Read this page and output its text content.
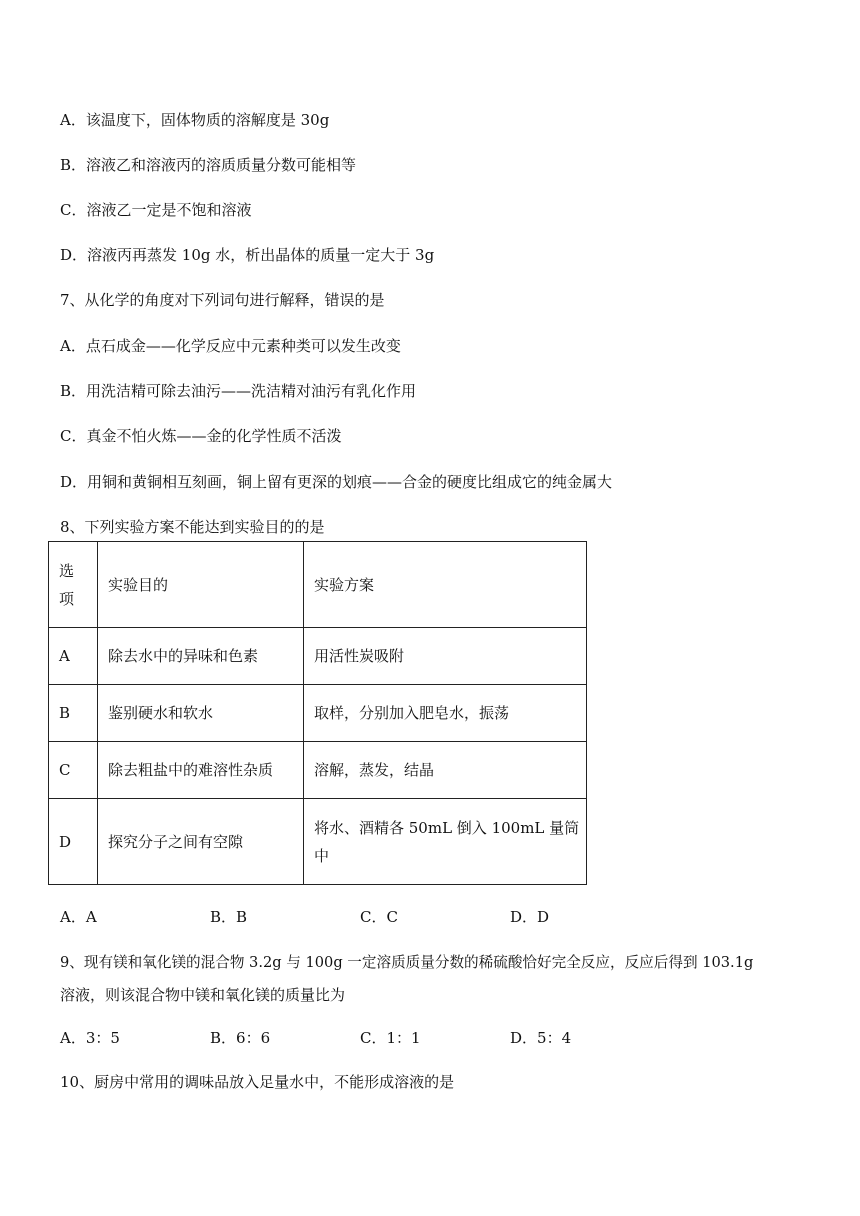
A．该温度下，固体物质的溶解度是 30g
B．溶液乙和溶液丙的溶质质量分数可能相等
C．溶液乙一定是不饱和溶液
D．溶液丙再蒸发 10g 水，析出晶体的质量一定大于 3g
7、从化学的角度对下列词句进行解释，错误的是
A．点石成金——化学反应中元素种类可以发生改变
B．用洗洁精可除去油污——洗洁精对油污有乳化作用
C．真金不怕火炼——金的化学性质不活泼
D．用铜和黄铜相互刻画，铜上留有更深的划痕——合金的硬度比组成它的纯金属大
8、下列实验方案不能达到实验目的的是
选
项	实验目的	实验方案
A	除去水中的异味和色素	用活性炭吸附
B	鉴别硬水和软水	取样，分别加入肥皂水，振荡
C	除去粗盐中的难溶性杂质	溶解，蒸发，结晶
D	探究分子之间有空隙	将水、酒精各 50mL 倒入 100mL 量筒
中
A．A	B．B	C．C	D．D
9、现有镁和氧化镁的混合物 3.2g 与 100g 一定溶质质量分数的稀硫酸恰好完全反应，反应后得到 103.1g
溶液，则该混合物中镁和氧化镁的质量比为
A．3：5	B．6：6	C．1：1	D．5：4
10、厨房中常用的调味品放入足量水中，不能形成溶液的是
